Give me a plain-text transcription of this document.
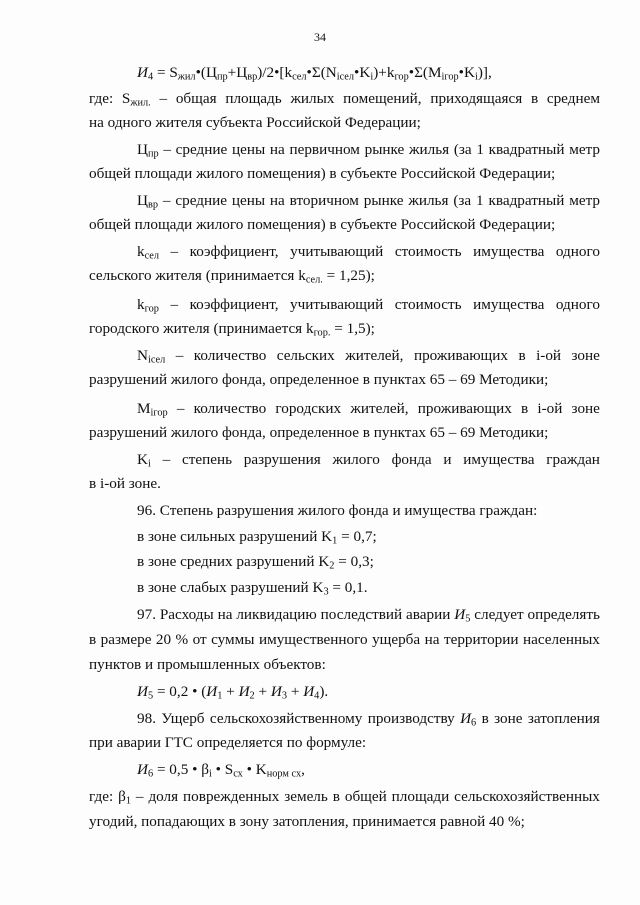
34
$И_4$ = $S_{жил}•(Ц_{пр}+Ц_{вр})/2•[k_{сел}•\Sigma(N_{iсел}•K_i)+k_{гор}•\Sigma(M_{iгор}•K_i)]$,
где: $S_{жил.}$ – общая площадь жилых помещений, приходящаяся в среднем
на одного жителя субъекта Российской Федерации;
$Ц_{пр}$ – средние цены на первичном рынке жилья (за 1 квадратный метр
общей площади жилого помещения) в субъекте Российской Федерации;
$Ц_{вр}$ – средние цены на вторичном рынке жилья (за 1 квадратный метр
общей площади жилого помещения) в субъекте Российской Федерации;
$k_{сел}$ – коэффициент, учитывающий стоимость имущества одного
сельского жителя (принимается $k_{сел.} = 1,25$);
$k_{гор}$ – коэффициент, учитывающий стоимость имущества одного
городского жителя (принимается $k_{гор.} = 1,5$);
$N_{iсел}$ – количество сельских жителей, проживающих в i-ой зоне
разрушений жилого фонда, определенное в пунктах 65 – 69 Методики;
$M_{iгор}$ – количество городских жителей, проживающих в i-ой зоне
разрушений жилого фонда, определенное в пунктах 65 – 69 Методики;
$K_i$ – степень разрушения жилого фонда и имущества граждан
в i-ой зоне.
96. Степень разрушения жилого фонда и имущества граждан:
в зоне сильных разрушений $K_1 = 0,7$;
в зоне средних разрушений $K_2 = 0,3$;
в зоне слабых разрушений $K_3 = 0,1$.
97. Расходы на ликвидацию последствий аварии $И_5$ следует определять
в размере 20 % от суммы имущественного ущерба на территории населенных
пунктов и промышленных объектов:
$И_5 = 0,2$ • $(И_1 + И_2 + И_3 + И_4)$.
98. Ущерб сельскохозяйственному производству $И_6$ в зоне затопления
при аварии ГТС определяется по формуле:
$И_6 = 0,5$ • $\beta_i$ • $S_{сх}$ • $K_{норм сх}$,
где: $\beta_1$ – доля поврежденных земель в общей площади сельскохозяйственных
угодий, попадающих в зону затопления, принимается равной 40 %;
